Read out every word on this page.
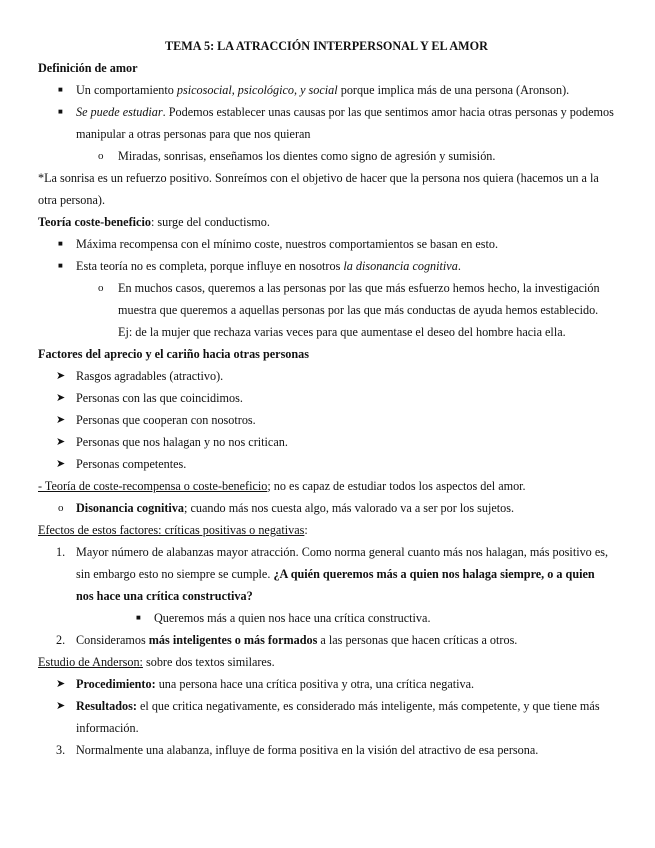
TEMA 5: LA ATRACCIÓN INTERPERSONAL Y EL AMOR

Definición de amor

■ Un comportamiento psicosocial, psicológico, y social porque implica más de una persona (Aronson).
■ Se puede estudiar. Podemos establecer unas causas por las que sentimos amor hacia otras personas y podemos manipular a otras personas para que nos quieran
o Miradas, sonrisas, enseñamos los dientes como signo de agresión y sumisión.

*La sonrisa es un refuerzo positivo. Sonreímos con el objetivo de hacer que la persona nos quiera (hacemos un a la otra persona).

Teoría coste-beneficio: surge del conductismo.

■ Máxima recompensa con el mínimo coste, nuestros comportamientos se basan en esto.
■ Esta teoría no es completa, porque influye en nosotros la disonancia cognitiva.
o En muchos casos, queremos a las personas por las que más esfuerzo hemos hecho, la investigación muestra que queremos a aquellas personas por las que más conductas de ayuda hemos establecido. Ej: de la mujer que rechaza varias veces para que aumentase el deseo del hombre hacia ella.

Factores del aprecio y el cariño hacia otras personas

➤ Rasgos agradables (atractivo).
➤ Personas con las que coincidimos.
➤ Personas que cooperan con nosotros.
➤ Personas que nos halagan y no nos critican.
➤ Personas competentes.

- Teoría de coste-recompensa o coste-beneficio; no es capaz de estudiar todos los aspectos del amor.

o Disonancia cognitiva; cuando más nos cuesta algo, más valorado va a ser por los sujetos.

Efectos de estos factores: críticas positivas o negativas:

1. Mayor número de alabanzas mayor atracción. Como norma general cuanto más nos halagan, más positivo es, sin embargo esto no siempre se cumple. ¿A quién queremos más a quien nos halaga siempre, o a quien nos hace una crítica constructiva?
■ Queremos más a quien nos hace una crítica constructiva.
2. Consideramos más inteligentes o más formados a las personas que hacen críticas a otros.

Estudio de Anderson: sobre dos textos similares.

➤ Procedimiento: una persona hace una crítica positiva y otra, una crítica negativa.
➤ Resultados: el que critica negativamente, es considerado más inteligente, más competente, y que tiene más información.
3. Normalmente una alabanza, influye de forma positiva en la visión del atractivo de esa persona.
